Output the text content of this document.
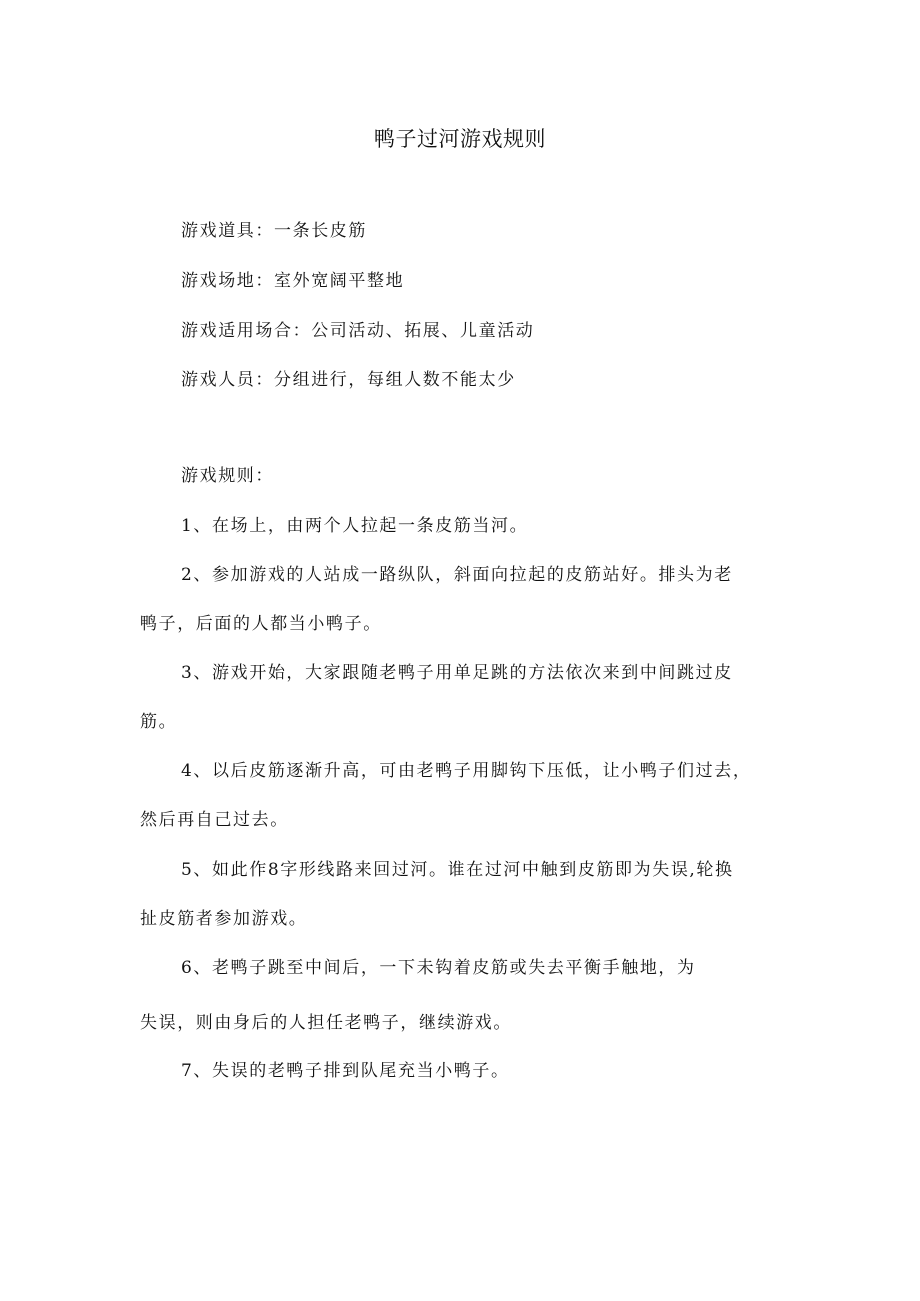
鸭子过河游戏规则
游戏道具：一条长皮筋
游戏场地：室外宽阔平整地
游戏适用场合：公司活动、拓展、儿童活动
游戏人员：分组进行，每组人数不能太少
游戏规则：
1、在场上，由两个人拉起一条皮筋当河。
2、参加游戏的人站成一路纵队，斜面向拉起的皮筋站好。排头为老
鸭子，后面的人都当小鸭子。
3、游戏开始，大家跟随老鸭子用单足跳的方法依次来到中间跳过皮
筋。
4、以后皮筋逐渐升高，可由老鸭子用脚钩下压低，让小鸭子们过去，
然后再自己过去。
5、如此作8字形线路来回过河。谁在过河中触到皮筋即为失误,轮换
扯皮筋者参加游戏。
6、老鸭子跳至中间后，一下未钩着皮筋或失去平衡手触地，为
失误，则由身后的人担任老鸭子，继续游戏。
7、失误的老鸭子排到队尾充当小鸭子。
